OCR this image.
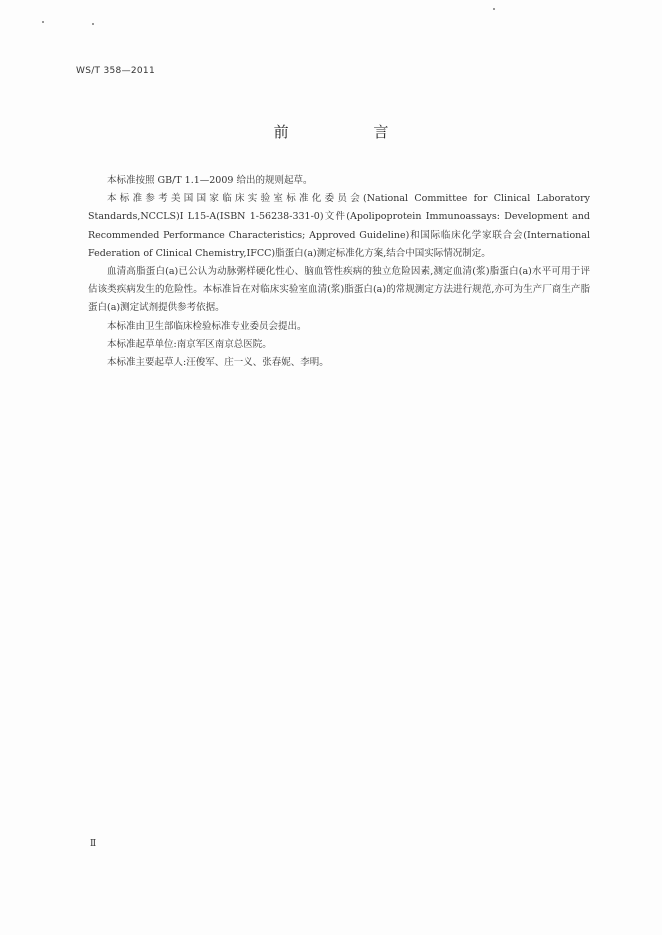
WS/T 358—2011
前 言

本标准按照 GB/T 1.1—2009 给出的规则起草。

本标准参考美国国家临床实验室标准化委员会(National Committee for Clinical Laboratory Standards,NCCLS)I L15-A(ISBN 1-56238-331-0)文件(Apolipoprotein Immunoassays: Development and Recommended Performance Characteristics; Approved Guideline)和国际临床化学家联合会(International Federation of Clinical Chemistry,IFCC)脂蛋白(a)测定标准化方案,结合中国实际情况制定。

血清高脂蛋白(a)已公认为动脉粥样硬化性心、脑血管性疾病的独立危险因素,测定血清(浆)脂蛋白(a)水平可用于评估该类疾病发生的危险性。本标准旨在对临床实验室血清(浆)脂蛋白(a)的常规测定方法进行规范,亦可为生产厂商生产脂蛋白(a)测定试剂提供参考依据。

本标准由卫生部临床检验标准专业委员会提出。

本标准起草单位:南京军区南京总医院。

本标准主要起草人:汪俊军、庄一义、张春妮、李明。

Ⅱ
